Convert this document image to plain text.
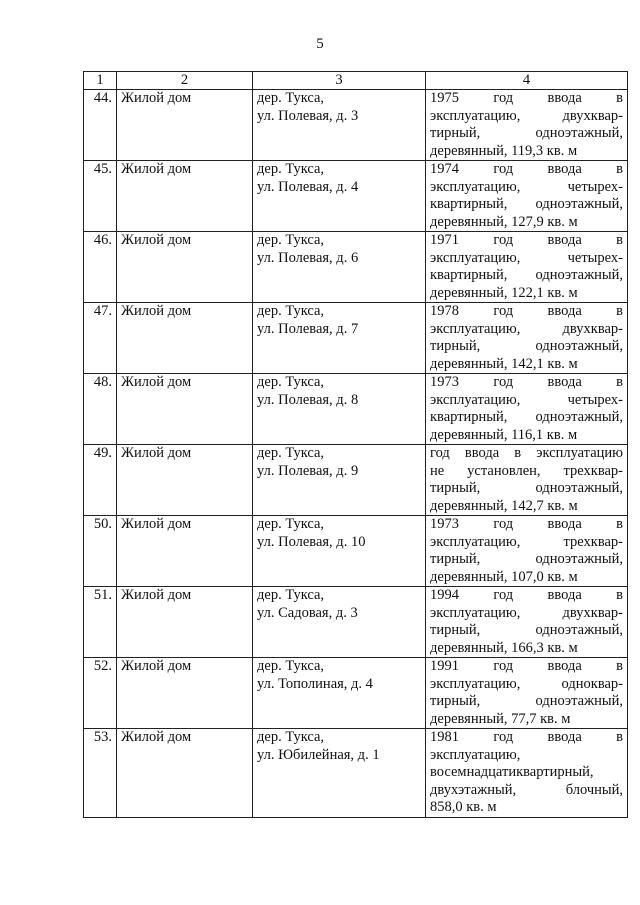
5
1	2	3	4
44.	Жилой дом	дер. Тукса,
ул. Полевая, д. 3	1975 год ввода в
эксплуатацию, двухквар-
тирный, одноэтажный,
деревянный, 119,3 кв. м

45.	Жилой дом	дер. Тукса,
ул. Полевая, д. 4	1974 год ввода в
эксплуатацию, четырех-
квартирный, одноэтажный,
деревянный, 127,9 кв. м

46.	Жилой дом	дер. Тукса,
ул. Полевая, д. 6	1971 год ввода в
эксплуатацию, четырех-
квартирный, одноэтажный,
деревянный, 122,1 кв. м

47.	Жилой дом	дер. Тукса,
ул. Полевая, д. 7	1978 год ввода в
эксплуатацию, двухквар-
тирный, одноэтажный,
деревянный, 142,1 кв. м

48.	Жилой дом	дер. Тукса,
ул. Полевая, д. 8	1973 год ввода в
эксплуатацию, четырех-
квартирный, одноэтажный,
деревянный, 116,1 кв. м

49.	Жилой дом	дер. Тукса,
ул. Полевая, д. 9	год ввода в эксплуатацию
не установлен, трехквар-
тирный, одноэтажный,
деревянный, 142,7 кв. м

50.	Жилой дом	дер. Тукса,
ул. Полевая, д. 10	1973 год ввода в
эксплуатацию, трехквар-
тирный, одноэтажный,
деревянный, 107,0 кв. м

51.	Жилой дом	дер. Тукса,
ул. Садовая, д. 3	1994 год ввода в
эксплуатацию, двухквар-
тирный, одноэтажный,
деревянный, 166,3 кв. м

52.	Жилой дом	дер. Тукса,
ул. Тополиная, д. 4	1991 год ввода в
эксплуатацию, одноквар-
тирный, одноэтажный,
деревянный, 77,7 кв. м

53.	Жилой дом	дер. Тукса,
ул. Юбилейная, д. 1	1981 год ввода в
эксплуатацию,
восемнадцатиквартирный,
двухэтажный, блочный,
858,0 кв. м
